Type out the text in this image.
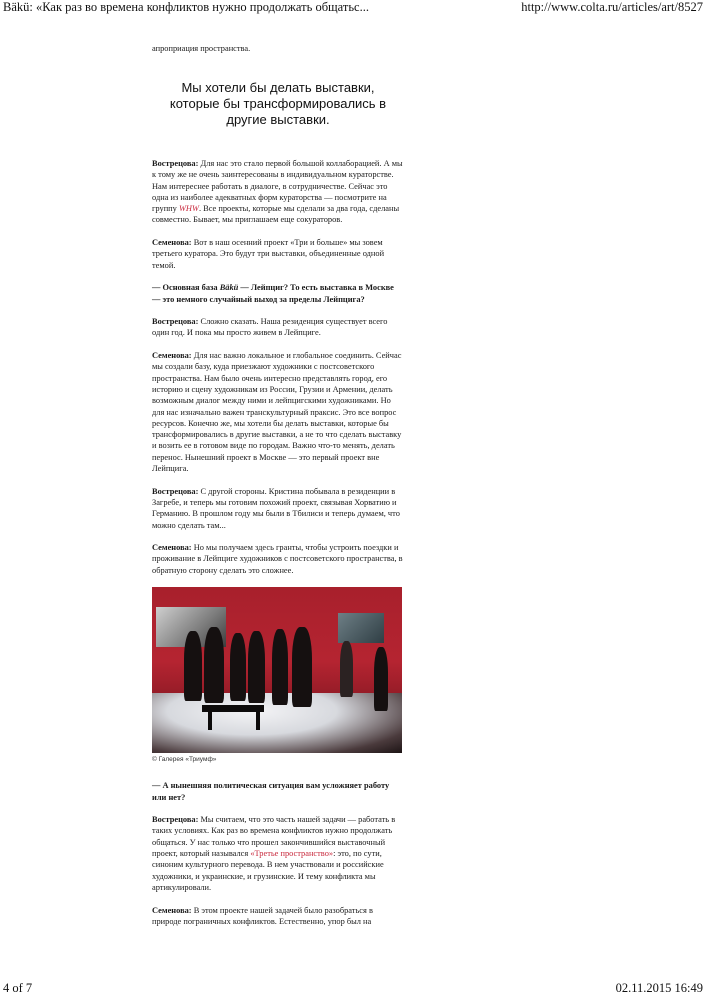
Bäkü: «Как раз во времена конфликтов нужно продолжать общатьс...	http://www.colta.ru/articles/art/8527
апроприация пространства.
Мы хотели бы делать выставки, которые бы трансформировались в другие выставки.

Вострецова: Для нас это стало первой большой коллаборацией. А мы к тому же не очень заинтересованы в индивидуальном кураторстве. Нам интереснее работать в диалоге, в сотрудничестве. Сейчас это одна из наиболее адекватных форм кураторства — посмотрите на группу WHW. Все проекты, которые мы сделали за два года, сделаны совместно. Бывает, мы приглашаем еще сокураторов.

Семенова: Вот в наш осенний проект «Три и больше» мы зовем третьего куратора. Это будут три выставки, объединенные одной темой.

— Основная база Bäkü — Лейпциг? То есть выставка в Москве — это немного случайный выход за пределы Лейпцига?

Вострецова: Сложно сказать. Наша резиденция существует всего один год. И пока мы просто живем в Лейпциге.

Семенова: Для нас важно локальное и глобальное соединить. Сейчас мы создали базу, куда приезжают художники с постсоветского пространства. Нам было очень интересно представлять город, его историю и сцену художникам из России, Грузии и Армении, делать возможным диалог между ними и лейпцигскими художниками. Но для нас изначально важен транскультурный праксис. Это все вопрос ресурсов. Конечно же, мы хотели бы делать выставки, которые бы трансформировались в другие выставки, а не то что сделать выставку и возить ее в готовом виде по городам. Важно что-то менять, делать перенос. Нынешний проект в Москве — это первый проект вне Лейпцига.

Вострецова: С другой стороны. Кристина побывала в резиденции в Загребе, и теперь мы готовим похожий проект, связывая Хорватию и Германию. В прошлом году мы были в Тбилиси и теперь думаем, что можно сделать там...

Семенова: Но мы получаем здесь гранты, чтобы устроить поездки и проживание в Лейпциге художников с постсоветского пространства, в обратную сторону сделать это сложнее.

© Галерея «Триумф»

— А нынешняя политическая ситуация вам усложняет работу или нет?

Вострецова: Мы считаем, что это часть нашей задачи — работать в таких условиях. Как раз во времена конфликтов нужно продолжать общаться. У нас только что прошел закончившийся выставочный проект, который назывался «Третье пространство»: это, по сути, синоним культурного перевода. В нем участвовали и российские художники, и украинские, и грузинские. И тему конфликта мы артикулировали.

Семенова: В этом проекте нашей задачей было разобраться в природе пограничных конфликтов. Естественно, упор был на

4 of 7	02.11.2015 16:49
